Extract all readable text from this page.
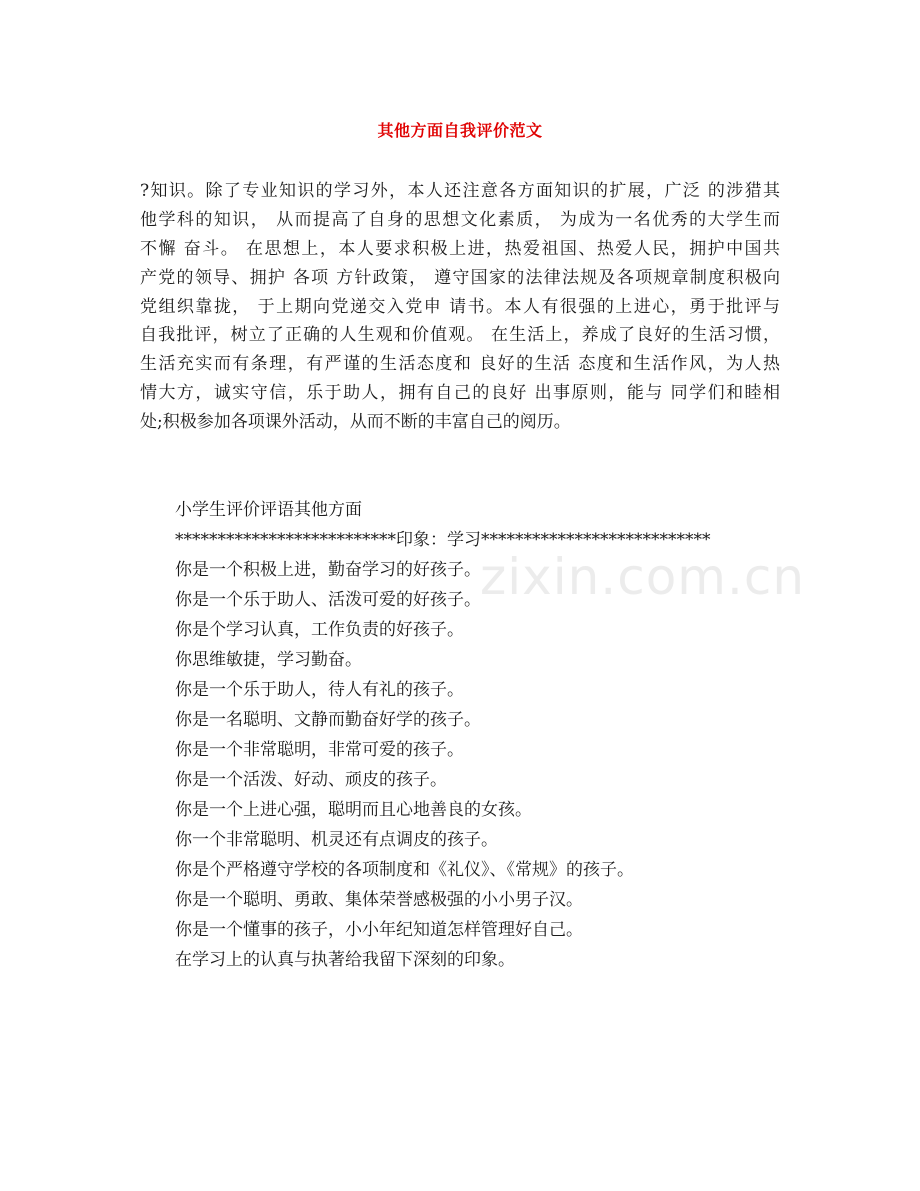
其他方面自我评价范文
?知识。除了专业知识的学习外，本人还注意各方面知识的扩展，广泛 的涉猎其
他学科的知识， 从而提高了自身的思想文化素质， 为成为一名优秀的大学生而
不懈 奋斗。 在思想上，本人要求积极上进，热爱祖国、热爱人民，拥护中国共
产党的领导、拥护 各项 方针政策， 遵守国家的法律法规及各项规章制度积极向
党组织靠拢， 于上期向党递交入党申 请书。本人有很强的上进心，勇于批评与
自我批评，树立了正确的人生观和价值观。 在生活上，养成了良好的生活习惯，
生活充实而有条理，有严谨的生活态度和 良好的生活 态度和生活作风，为人热
情大方，诚实守信，乐于助人，拥有自己的良好 出事原则，能与 同学们和睦相
处;积极参加各项课外活动，从而不断的丰富自己的阅历。
小学生评价评语其他方面
**************************印象：学习***************************
你是一个积极上进，勤奋学习的好孩子。
你是一个乐于助人、活泼可爱的好孩子。
你是个学习认真，工作负责的好孩子。
你思维敏捷，学习勤奋。
你是一个乐于助人，待人有礼的孩子。
你是一名聪明、文静而勤奋好学的孩子。
你是一个非常聪明，非常可爱的孩子。
你是一个活泼、好动、顽皮的孩子。
你是一个上进心强，聪明而且心地善良的女孩。
你一个非常聪明、机灵还有点调皮的孩子。
你是个严格遵守学校的各项制度和《礼仪》、《常规》的孩子。
你是一个聪明、勇敢、集体荣誉感极强的小小男子汉。
你是一个懂事的孩子，小小年纪知道怎样管理好自己。
在学习上的认真与执著给我留下深刻的印象。
zixin.com.cn
